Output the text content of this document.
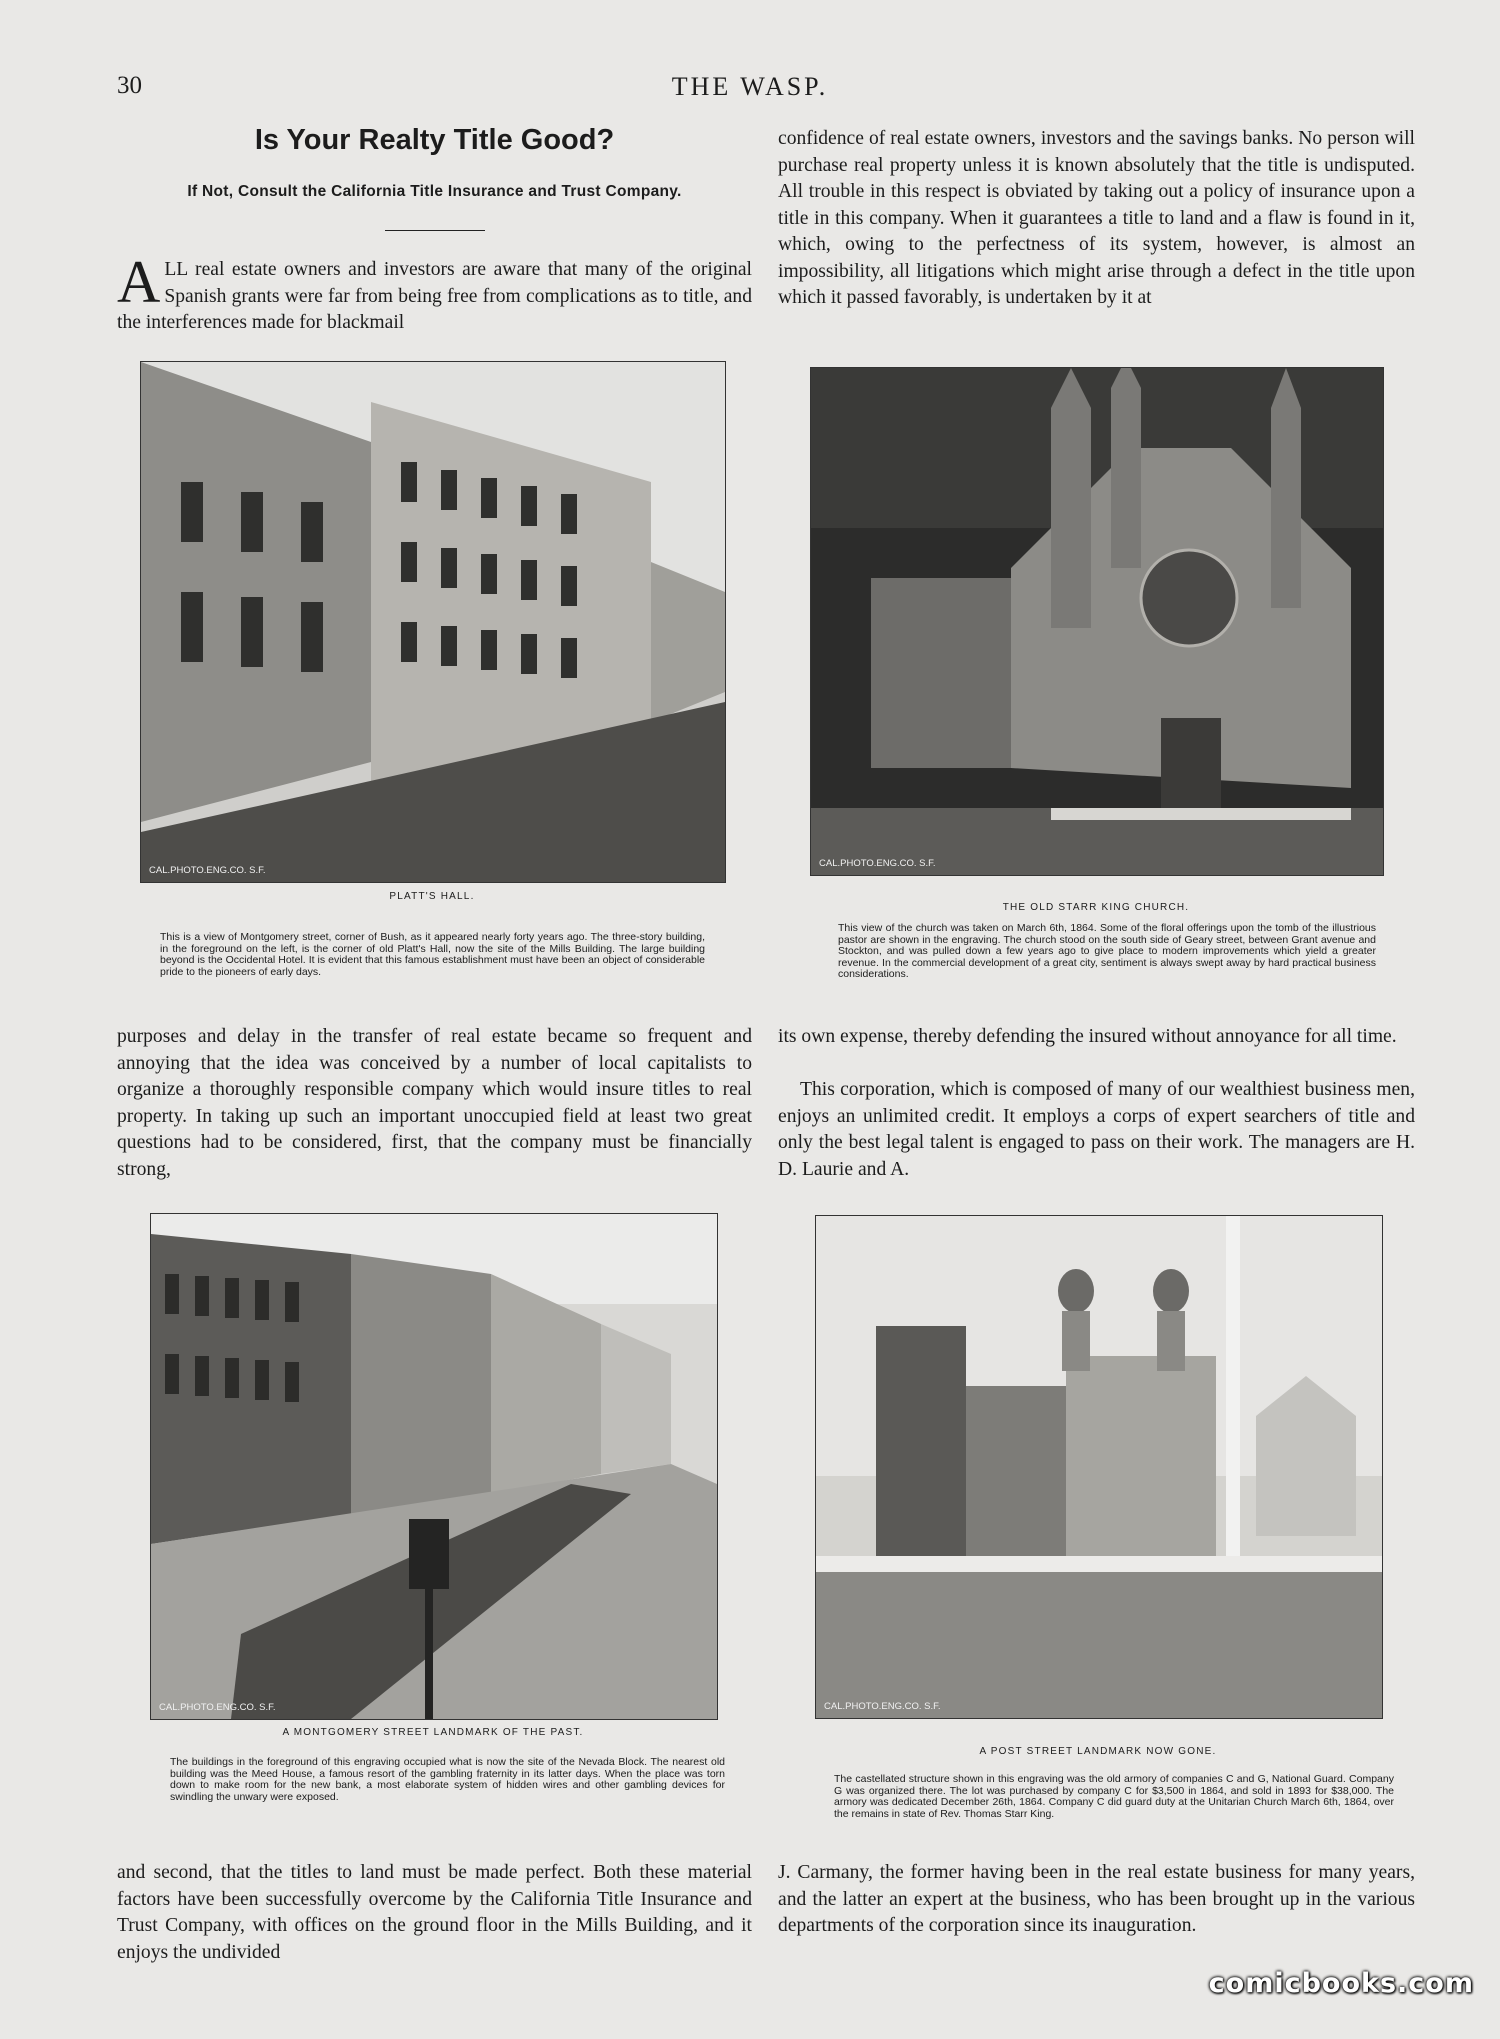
30	THE WASP.
Is Your Realty Title Good?
If Not, Consult the California Title Insurance and Trust Company.
ALL real estate owners and investors are aware that many of the original Spanish grants were far from being free from complications as to title, and the interferences made for blackmail
purposes and delay in the transfer of real estate became so frequent and annoying that the idea was conceived by a number of local capitalists to organize a thoroughly responsible company which would insure titles to real property. In taking up such an important unoccupied field at least two great questions had to be considered, first, that the company must be financially strong,
and second, that the titles to land must be made perfect. Both these material factors have been successfully overcome by the California Title Insurance and Trust Company, with offices on the ground floor in the Mills Building, and it enjoys the undivided
confidence of real estate owners, investors and the savings banks. No person will purchase real property unless it is known absolutely that the title is undisputed. All trouble in this respect is obviated by taking out a policy of insurance upon a title in this company. When it guarantees a title to land and a flaw is found in it, which, owing to the perfectness of its system, however, is almost an impossibility, all litigations which might arise through a defect in the title upon which it passed favorably, is undertaken by it at
its own expense, thereby defending the insured without annoyance for all time.
This corporation, which is composed of many of our wealthiest business men, enjoys an unlimited credit. It employs a corps of expert searchers of title and only the best legal talent is engaged to pass on their work. The managers are H. D. Laurie and A.
J. Carmany, the former having been in the real estate business for many years, and the latter an expert at the business, who has been brought up in the various departments of the corporation since its inauguration.
CAL.PHOTO.ENG.CO. S.F.
PLATT'S HALL.
This is a view of Montgomery street, corner of Bush, as it appeared nearly forty years ago. The three-story building, in the foreground on the left, is the corner of old Platt's Hall, now the site of the Mills Building. The large building beyond is the Occidental Hotel. It is evident that this famous establishment must have been an object of considerable pride to the pioneers of early days.
CAL.PHOTO.ENG.CO. S.F.
THE OLD STARR KING CHURCH.
This view of the church was taken on March 6th, 1864. Some of the floral offerings upon the tomb of the illustrious pastor are shown in the engraving. The church stood on the south side of Geary street, between Grant avenue and Stockton, and was pulled down a few years ago to give place to modern improvements which yield a greater revenue. In the commercial development of a great city, sentiment is always swept away by hard practical business considerations.
CAL.PHOTO.ENG.CO. S.F.
A MONTGOMERY STREET LANDMARK OF THE PAST.
The buildings in the foreground of this engraving occupied what is now the site of the Nevada Block. The nearest old building was the Meed House, a famous resort of the gambling fraternity in its latter days. When the place was torn down to make room for the new bank, a most elaborate system of hidden wires and other gambling devices for swindling the unwary were exposed.
CAL.PHOTO.ENG.CO. S.F.
A POST STREET LANDMARK NOW GONE.
The castellated structure shown in this engraving was the old armory of companies C and G, National Guard. Company G was organized there. The lot was purchased by company C for $3,500 in 1864, and sold in 1893 for $38,000. The armory was dedicated December 26th, 1864. Company C did guard duty at the Unitarian Church March 6th, 1864, over the remains in state of Rev. Thomas Starr King.
comicbooks.com
